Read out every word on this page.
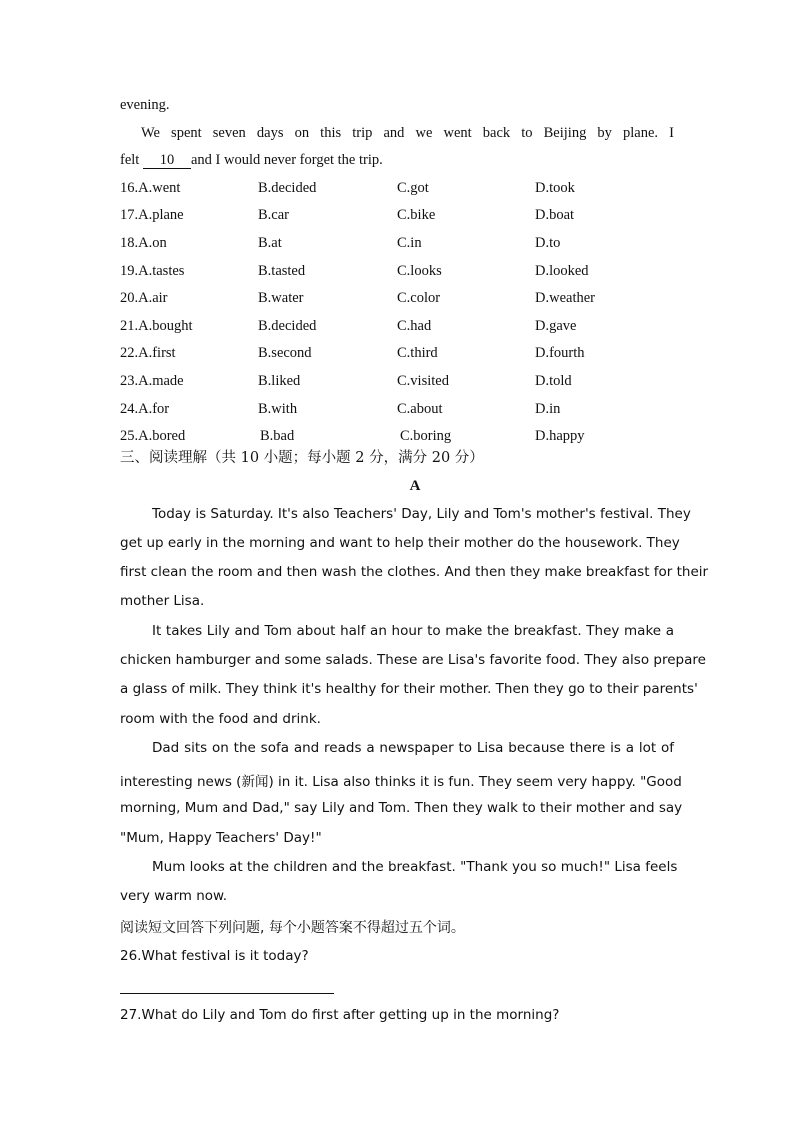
evening.
We spent seven days on this trip and we went back to Beijing by plane. I
felt 10 and I would never forget the trip.
16.A.went	B.decided	C.got	D.took
17.A.plane	B.car	C.bike	D.boat
18.A.on	B.at	C.in	D.to
19.A.tastes	B.tasted	C.looks	D.looked
20.A.air	B.water	C.color	D.weather
21.A.bought	B.decided	C.had	D.gave
22.A.first	B.second	C.third	D.fourth
23.A.made	B.liked	C.visited	D.told
24.A.for	B.with	C.about	D.in
25.A.bored	B.bad	C.boring	D.happy
三、阅读理解（共 10 小题；每小题 2 分，满分 20 分）
A
Today is Saturday. It's also Teachers' Day, Lily and Tom's mother's festival. They
get up early in the morning and want to help their mother do the housework. They
first clean the room and then wash the clothes. And then they make breakfast for their
mother Lisa.
It takes Lily and Tom about half an hour to make the breakfast. They make a
chicken hamburger and some salads. These are Lisa's favorite food. They also prepare
a glass of milk. They think it's healthy for their mother. Then they go to their parents'
room with the food and drink.
Dad sits on the sofa and reads a newspaper to Lisa because there is a lot of
interesting news (新闻) in it. Lisa also thinks it is fun. They seem very happy. "Good
morning, Mum and Dad," say Lily and Tom. Then they walk to their mother and say
"Mum, Happy Teachers' Day!"
Mum looks at the children and the breakfast. "Thank you so much!" Lisa feels
very warm now.
阅读短文回答下列问题, 每个小题答案不得超过五个词。
26.What festival is it today?
27.What do Lily and Tom do first after getting up in the morning?
